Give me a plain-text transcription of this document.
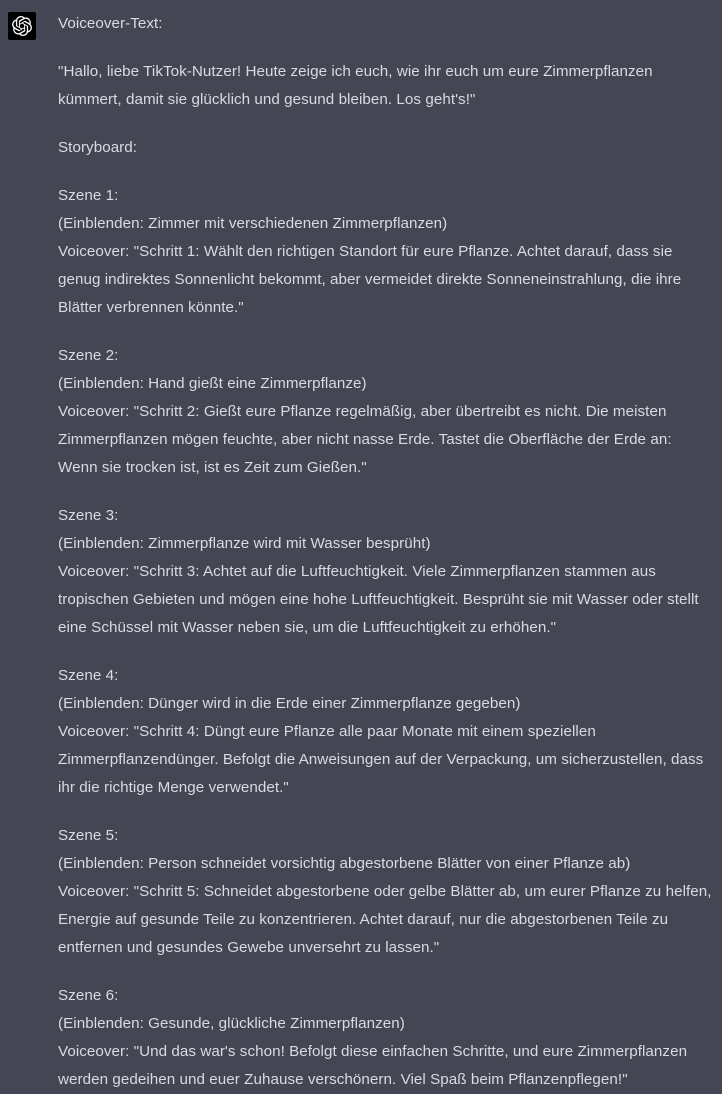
Voiceover-Text:

"Hallo, liebe TikTok-Nutzer! Heute zeige ich euch, wie ihr euch um eure Zimmerpflanzen kümmert, damit sie glücklich und gesund bleiben. Los geht's!"

Storyboard:

Szene 1:
(Einblenden: Zimmer mit verschiedenen Zimmerpflanzen)
Voiceover: "Schritt 1: Wählt den richtigen Standort für eure Pflanze. Achtet darauf, dass sie genug indirektes Sonnenlicht bekommt, aber vermeidet direkte Sonneneinstrahlung, die ihre Blätter verbrennen könnte."

Szene 2:
(Einblenden: Hand gießt eine Zimmerpflanze)
Voiceover: "Schritt 2: Gießt eure Pflanze regelmäßig, aber übertreibt es nicht. Die meisten Zimmerpflanzen mögen feuchte, aber nicht nasse Erde. Tastet die Oberfläche der Erde an: Wenn sie trocken ist, ist es Zeit zum Gießen."

Szene 3:
(Einblenden: Zimmerpflanze wird mit Wasser besprüht)
Voiceover: "Schritt 3: Achtet auf die Luftfeuchtigkeit. Viele Zimmerpflanzen stammen aus tropischen Gebieten und mögen eine hohe Luftfeuchtigkeit. Besprüht sie mit Wasser oder stellt eine Schüssel mit Wasser neben sie, um die Luftfeuchtigkeit zu erhöhen."

Szene 4:
(Einblenden: Dünger wird in die Erde einer Zimmerpflanze gegeben)
Voiceover: "Schritt 4: Düngt eure Pflanze alle paar Monate mit einem speziellen Zimmerpflanzendünger. Befolgt die Anweisungen auf der Verpackung, um sicherzustellen, dass ihr die richtige Menge verwendet."

Szene 5:
(Einblenden: Person schneidet vorsichtig abgestorbene Blätter von einer Pflanze ab)
Voiceover: "Schritt 5: Schneidet abgestorbene oder gelbe Blätter ab, um eurer Pflanze zu helfen, Energie auf gesunde Teile zu konzentrieren. Achtet darauf, nur die abgestorbenen Teile zu entfernen und gesundes Gewebe unversehrt zu lassen."

Szene 6:
(Einblenden: Gesunde, glückliche Zimmerpflanzen)
Voiceover: "Und das war's schon! Befolgt diese einfachen Schritte, und eure Zimmerpflanzen werden gedeihen und euer Zuhause verschönern. Viel Spaß beim Pflanzenpflegen!"
